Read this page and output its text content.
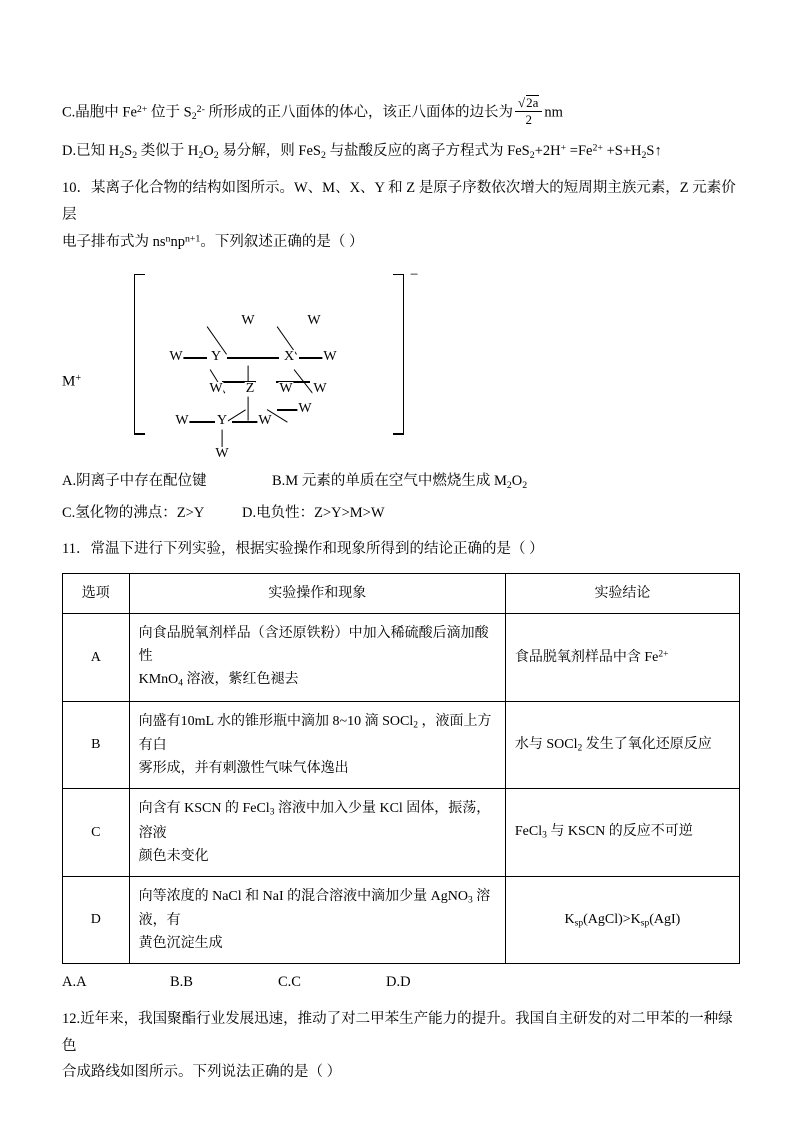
C.晶胞中 $Fe^{2+}$ 位于 $S_2^{2-}$ 所形成的正八面体的体心，该正八面体的边长为 $\frac{√2a}{2}$ nm

D.已知 $H_2S_2$ 类似于 $H_2O_2$ 易分解，则 FeS$_2$ 与盐酸反应的离子方程式为 $FeS_2+2H^+ =Fe^{2+}$ $+S+H_2S↑$

10．某离子化合物的结构如图所示。W、M、X、Y 和 Z 是原子序数依次增大的短周期主族元素，Z 元素价层

电子排布式为 $ns^nnp^{n+1}$。下列叙述正确的是（ ）

M+
−
W	W
W Y	X W
W Z W W
W Y W
W
W

A.阴离子中存在配位键	B.M 元素的单质在空气中燃烧生成 $M_2O_2$

C.氢化物的沸点：Z>Y	D.电负性：Z>Y>M>W

11．常温下进行下列实验，根据实验操作和现象所得到的结论正确的是（ ）

选项	实验操作和现象	实验结论
A	向食品脱氧剂样品（含还原铁粉）中加入稀硫酸后滴加酸性
KMnO$_4$ 溶液，紫红色褪去	食品脱氧剂样品中含 $Fe^{2+}$
B	向盛有10mL 水的锥形瓶中滴加 8~10 滴 SOCl$_2$ ，液面上方有白
雾形成，并有刺激性气味气体逸出	水与 SOCl$_2$ 发生了氧化还原反应
C	向含有 KSCN 的 FeCl$_3$ 溶液中加入少量 KCl 固体，振荡，溶液
颜色未变化	FeCl$_3$ 与 KSCN 的反应不可逆
D	向等浓度的 NaCl 和 NaI 的混合溶液中滴加少量 AgNO$_3$ 溶液，有
黄色沉淀生成	$K_{sp}(AgCl)>K_{sp}(AgI)$

A.A	B.B	C.C	D.D

12.近年来，我国聚酯行业发展迅速，推动了对二甲苯生产能力的提升。我国自主研发的对二甲苯的一种绿色

合成路线如图所示。下列说法正确的是（ ）
